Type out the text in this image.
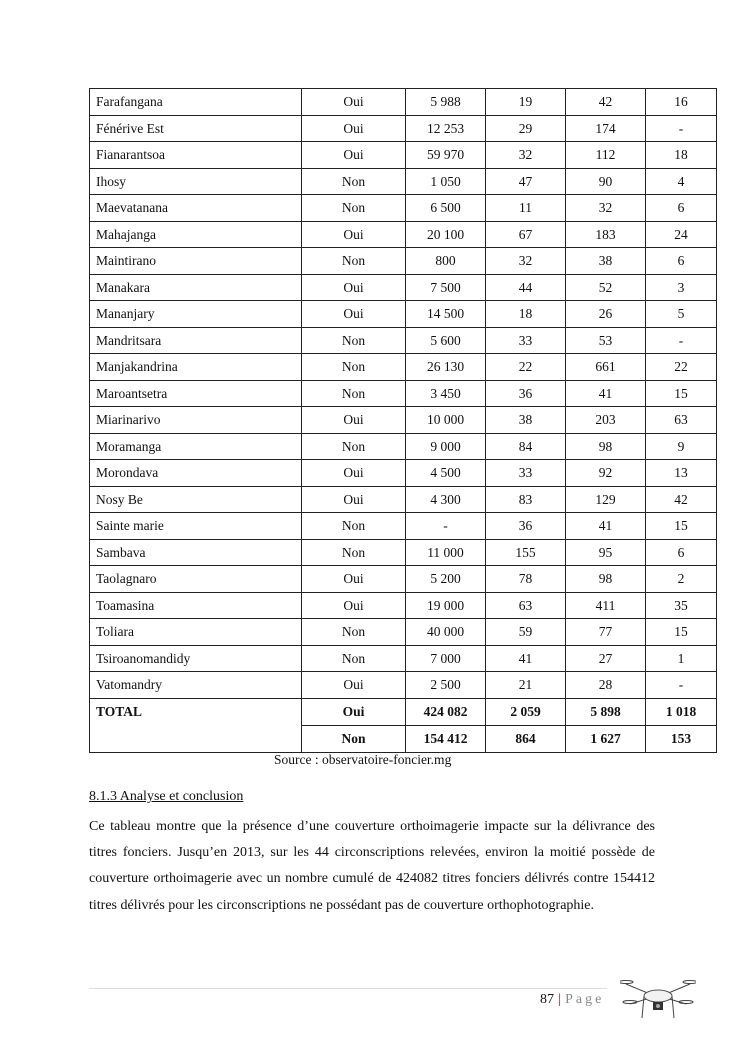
Farafangana	Oui	5 988	19	42	16
Fénérive Est	Oui	12 253	29	174	-
Fianarantsoa	Oui	59 970	32	112	18
Ihosy	Non	1 050	47	90	4
Maevatanana	Non	6 500	11	32	6
Mahajanga	Oui	20 100	67	183	24
Maintirano	Non	800	32	38	6
Manakara	Oui	7 500	44	52	3
Mananjary	Oui	14 500	18	26	5
Mandritsara	Non	5 600	33	53	-
Manjakandrina	Non	26 130	22	661	22
Maroantsetra	Non	3 450	36	41	15
Miarinarivo	Oui	10 000	38	203	63
Moramanga	Non	9 000	84	98	9
Morondava	Oui	4 500	33	92	13
Nosy Be	Oui	4 300	83	129	42
Sainte marie	Non	-	36	41	15
Sambava	Non	11 000	155	95	6
Taolagnaro	Oui	5 200	78	98	2
Toamasina	Oui	19 000	63	411	35
Toliara	Non	40 000	59	77	15
Tsiroanomandidy	Non	7 000	41	27	1
Vatomandry	Oui	2 500	21	28	-
TOTAL	Oui	424 082	2 059	5 898	1 018
	Non	154 412	864	1 627	153
Source : observatoire-foncier.mg
8.1.3 Analyse et conclusion

Ce tableau montre que la présence d’une couverture orthoimagerie impacte sur la délivrance des titres fonciers. Jusqu’en 2013, sur les 44 circonscriptions relevées, environ la moitié possède de couverture orthoimagerie avec un nombre cumulé de 424082 titres fonciers délivrés contre 154412 titres délivrés pour les circonscriptions ne possédant pas de couverture orthophotographie.

87 | Page
